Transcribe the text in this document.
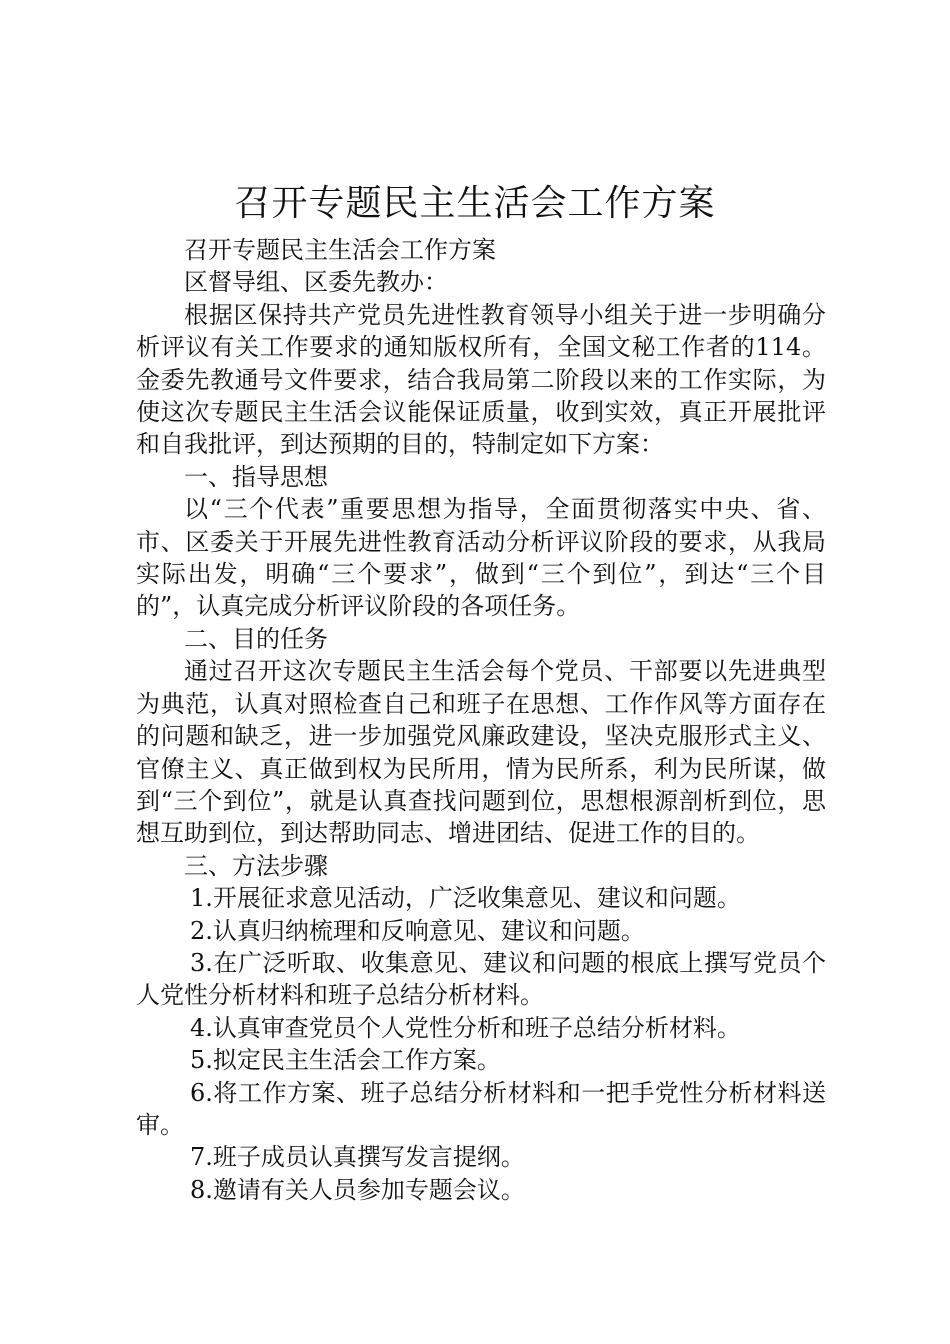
召开专题民主生活会工作方案

召开专题民主生活会工作方案

区督导组、区委先教办：

根据区保持共产党员先进性教育领导小组关于进一步明确分析评议有关工作要求的通知版权所有，全国文秘工作者的114。金委先教通号文件要求，结合我局第二阶段以来的工作实际，为使这次专题民主生活会议能保证质量，收到实效，真正开展批评和自我批评，到达预期的目的，特制定如下方案：

一、指导思想

以“三个代表”重要思想为指导，全面贯彻落实中央、省、市、区委关于开展先进性教育活动分析评议阶段的要求，从我局实际出发，明确“三个要求”，做到“三个到位”，到达“三个目的”，认真完成分析评议阶段的各项任务。

二、目的任务

通过召开这次专题民主生活会每个党员、干部要以先进典型为典范，认真对照检查自己和班子在思想、工作作风等方面存在的问题和缺乏，进一步加强党风廉政建设，坚决克服形式主义、官僚主义、真正做到权为民所用，情为民所系，利为民所谋，做到“三个到位”，就是认真查找问题到位，思想根源剖析到位，思想互助到位，到达帮助同志、增进团结、促进工作的目的。

三、方法步骤

1.开展征求意见活动，广泛收集意见、建议和问题。

2.认真归纳梳理和反响意见、建议和问题。

3.在广泛听取、收集意见、建议和问题的根底上撰写党员个人党性分析材料和班子总结分析材料。

4.认真审查党员个人党性分析和班子总结分析材料。

5.拟定民主生活会工作方案。

6.将工作方案、班子总结分析材料和一把手党性分析材料送审。

7.班子成员认真撰写发言提纲。

8.邀请有关人员参加专题会议。
